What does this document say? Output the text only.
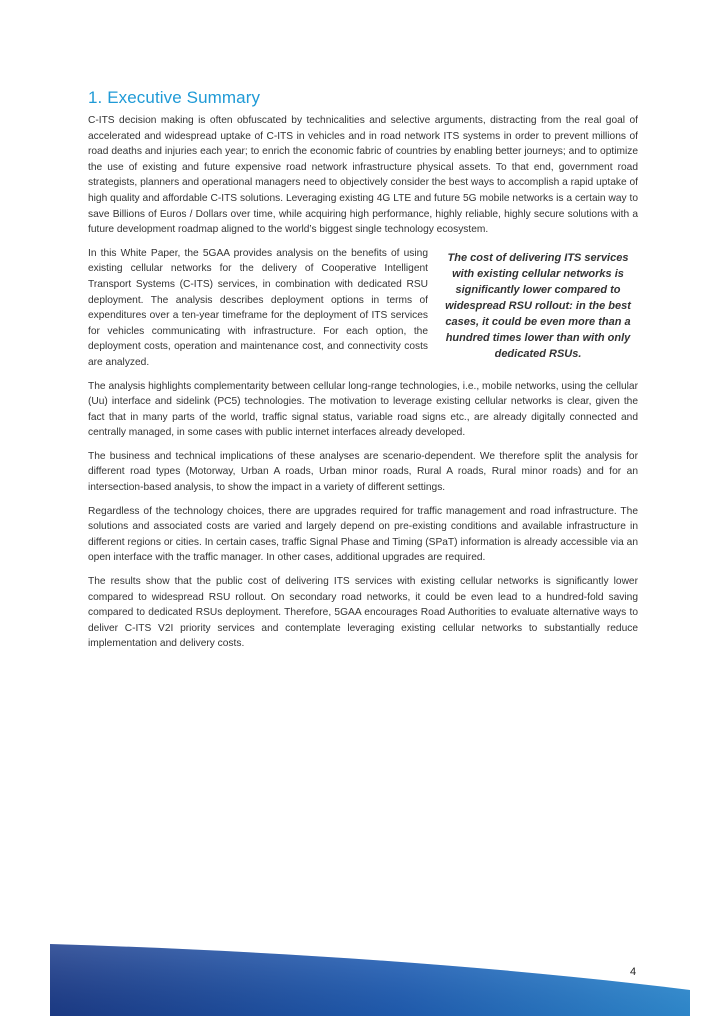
1. Executive Summary

C-ITS decision making is often obfuscated by technicalities and selective arguments, distracting from the real goal of accelerated and widespread uptake of C-ITS in vehicles and in road network ITS systems in order to prevent millions of road deaths and injuries each year; to enrich the economic fabric of countries by enabling better journeys; and to optimize the use of existing and future expensive road network infrastructure physical assets. To that end, government road strategists, planners and operational managers need to objectively consider the best ways to accomplish a rapid uptake of high quality and affordable C-ITS solutions. Leveraging existing 4G LTE and future 5G mobile networks is a certain way to save Billions of Euros / Dollars over time, while acquiring high performance, highly reliable, highly secure solutions with a future development roadmap aligned to the world’s biggest single technology ecosystem.

The cost of delivering ITS services with existing cellular networks is significantly lower compared to widespread RSU rollout: in the best cases, it could be even more than a hundred times lower than with only dedicated RSUs.

In this White Paper, the 5GAA provides analysis on the benefits of using existing cellular networks for the delivery of Cooperative Intelligent Transport Systems (C-ITS) services, in combination with dedicated RSU deployment. The analysis describes deployment options in terms of expenditures over a ten-year timeframe for the deployment of ITS services for vehicles communicating with infrastructure. For each option, the deployment costs, operation and maintenance cost, and connectivity costs are analyzed.

The analysis highlights complementarity between cellular long-range technologies, i.e., mobile networks, using the cellular (Uu) interface and sidelink (PC5) technologies. The motivation to leverage existing cellular networks is clear, given the fact that in many parts of the world, traffic signal status, variable road signs etc., are already digitally connected and centrally managed, in some cases with public internet interfaces already developed.

The business and technical implications of these analyses are scenario-dependent. We therefore split the analysis for different road types (Motorway, Urban A roads, Urban minor roads, Rural A roads, Rural minor roads) and for an intersection-based analysis, to show the impact in a variety of different settings.

Regardless of the technology choices, there are upgrades required for traffic management and road infrastructure. The solutions and associated costs are varied and largely depend on pre-existing conditions and available infrastructure in different regions or cities. In certain cases, traffic Signal Phase and Timing (SPaT) information is already accessible via an open interface with the traffic manager. In other cases, additional upgrades are required.

The results show that the public cost of delivering ITS services with existing cellular networks is significantly lower compared to widespread RSU rollout. On secondary road networks, it could be even lead to a hundred-fold saving compared to dedicated RSUs deployment. Therefore, 5GAA encourages Road Authorities to evaluate alternative ways to deliver C-ITS V2I priority services and contemplate leveraging existing cellular networks to substantially reduce implementation and delivery costs.

4
